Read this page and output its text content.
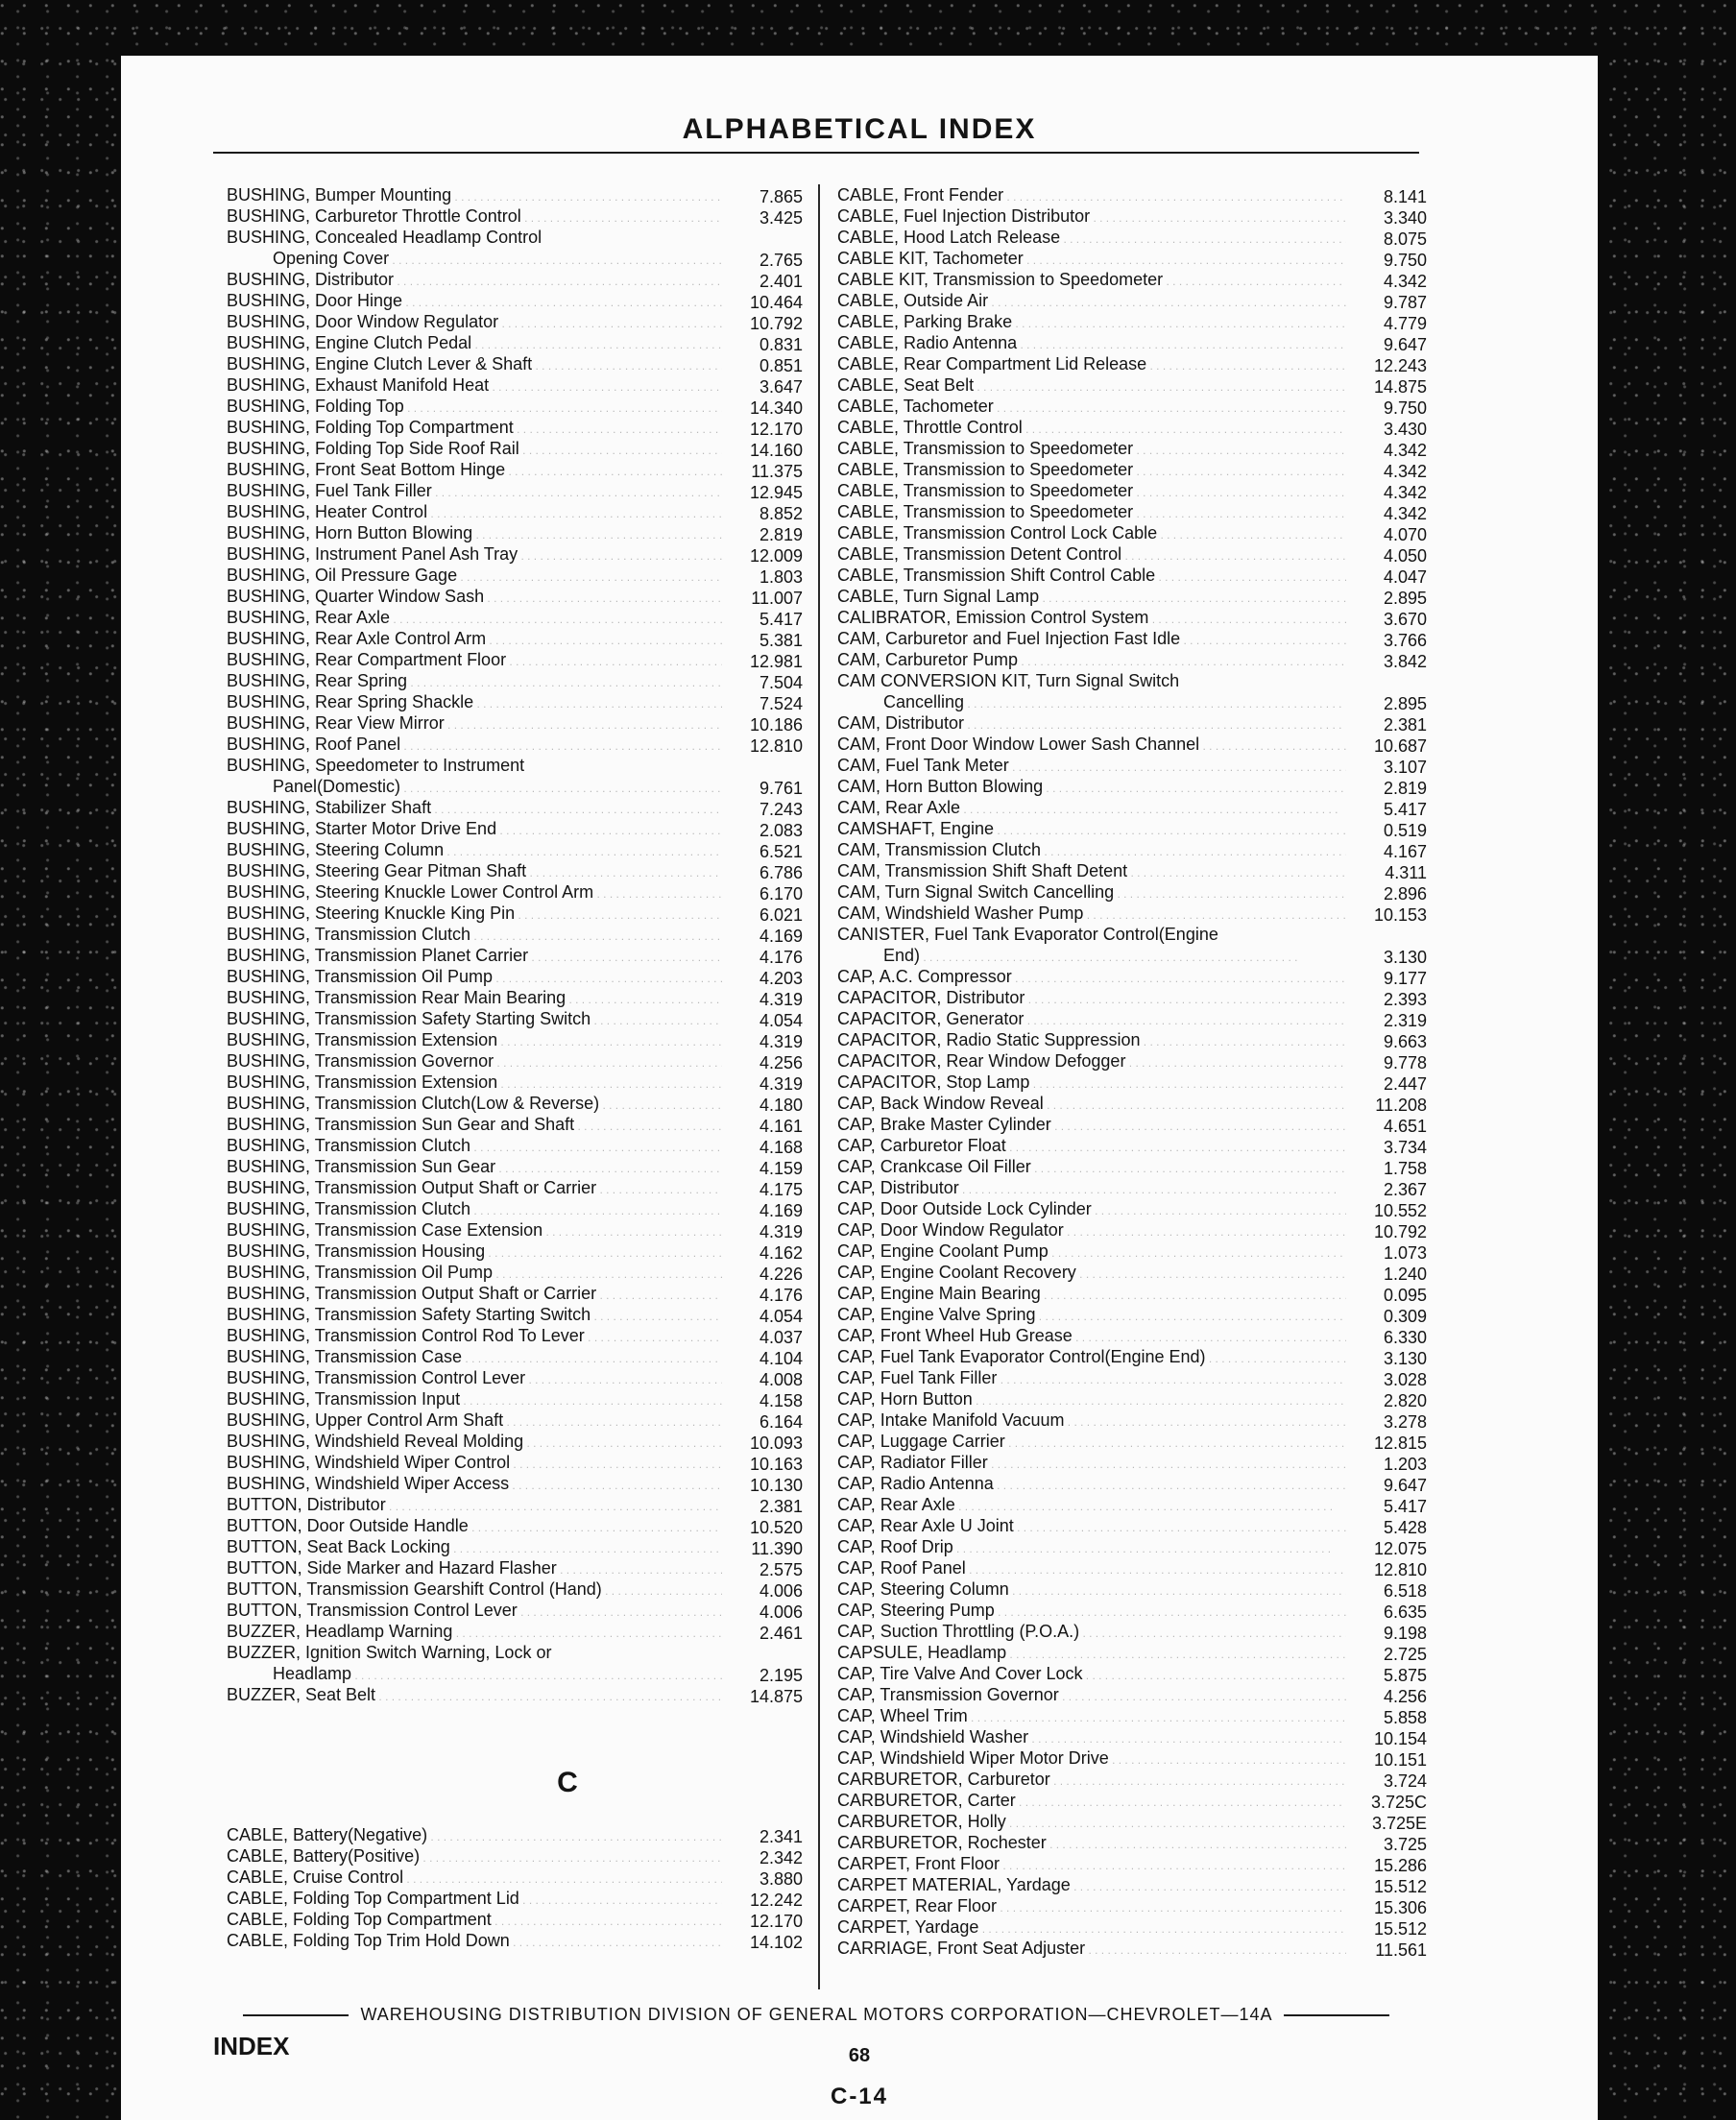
ALPHABETICAL INDEX
BUSHING, Bumper Mounting . . .	7.865
BUSHING, Carburetor Throttle Control . . .	3.425
BUSHING, Concealed Headlamp Control
Opening Cover . . .	2.765
BUSHING, Distributor . . .	2.401
BUSHING, Door Hinge . . .	10.464
BUSHING, Door Window Regulator . . .	10.792
BUSHING, Engine Clutch Pedal . . .	0.831
BUSHING, Engine Clutch Lever & Shaft . . .	0.851
BUSHING, Exhaust Manifold Heat . . .	3.647
BUSHING, Folding Top . . .	14.340
BUSHING, Folding Top Compartment . . .	12.170
BUSHING, Folding Top Side Roof Rail . . .	14.160
BUSHING, Front Seat Bottom Hinge . . .	11.375
BUSHING, Fuel Tank Filler . . .	12.945
BUSHING, Heater Control . . .	8.852
BUSHING, Horn Button Blowing . . .	2.819
BUSHING, Instrument Panel Ash Tray . . .	12.009
BUSHING, Oil Pressure Gage . . .	1.803
BUSHING, Quarter Window Sash . . .	11.007
BUSHING, Rear Axle . . .	5.417
BUSHING, Rear Axle Control Arm . . .	5.381
BUSHING, Rear Compartment Floor . . .	12.981
BUSHING, Rear Spring . . .	7.504
BUSHING, Rear Spring Shackle . . .	7.524
BUSHING, Rear View Mirror . . .	10.186
BUSHING, Roof Panel . . .	12.810
BUSHING, Speedometer to Instrument
Panel(Domestic) . . .	9.761
BUSHING, Stabilizer Shaft . . .	7.243
BUSHING, Starter Motor Drive End . . .	2.083
BUSHING, Steering Column . . .	6.521
BUSHING, Steering Gear Pitman Shaft . . .	6.786
BUSHING, Steering Knuckle Lower Control Arm . . .	6.170
BUSHING, Steering Knuckle King Pin . . .	6.021
BUSHING, Transmission Clutch . . .	4.169
BUSHING, Transmission Planet Carrier . . .	4.176
BUSHING, Transmission Oil Pump . . .	4.203
BUSHING, Transmission Rear Main Bearing . . .	4.319
BUSHING, Transmission Safety Starting Switch . . .	4.054
BUSHING, Transmission Extension . . .	4.319
BUSHING, Transmission Governor . . .	4.256
BUSHING, Transmission Extension . . .	4.319
BUSHING, Transmission Clutch(Low & Reverse) . . .	4.180
BUSHING, Transmission Sun Gear and Shaft . . .	4.161
BUSHING, Transmission Clutch . . .	4.168
BUSHING, Transmission Sun Gear . . .	4.159
BUSHING, Transmission Output Shaft or Carrier . . .	4.175
BUSHING, Transmission Clutch . . .	4.169
BUSHING, Transmission Case Extension . . .	4.319
BUSHING, Transmission Housing . . .	4.162
BUSHING, Transmission Oil Pump . . .	4.226
BUSHING, Transmission Output Shaft or Carrier . . .	4.176
BUSHING, Transmission Safety Starting Switch . . .	4.054
BUSHING, Transmission Control Rod To Lever . . .	4.037
BUSHING, Transmission Case . . .	4.104
BUSHING, Transmission Control Lever . . .	4.008
BUSHING, Transmission Input . . .	4.158
BUSHING, Upper Control Arm Shaft . . .	6.164
BUSHING, Windshield Reveal Molding . . .	10.093
BUSHING, Windshield Wiper Control . . .	10.163
BUSHING, Windshield Wiper Access . . .	10.130
BUTTON, Distributor . . .	2.381
BUTTON, Door Outside Handle . . .	10.520
BUTTON, Seat Back Locking . . .	11.390
BUTTON, Side Marker and Hazard Flasher . . .	2.575
BUTTON, Transmission Gearshift Control (Hand) . . .	4.006
BUTTON, Transmission Control Lever . . .	4.006
BUZZER, Headlamp Warning . . .	2.461
BUZZER, Ignition Switch Warning, Lock or
Headlamp . . .	2.195
BUZZER, Seat Belt . . .	14.875
C
CABLE, Battery(Negative) . . .	2.341
CABLE, Battery(Positive) . . .	2.342
CABLE, Cruise Control . . .	3.880
CABLE, Folding Top Compartment Lid . . .	12.242
CABLE, Folding Top Compartment . . .	12.170
CABLE, Folding Top Trim Hold Down . . .	14.102
CABLE, Front Fender . . .	8.141
CABLE, Fuel Injection Distributor . . .	3.340
CABLE, Hood Latch Release . . .	8.075
CABLE KIT, Tachometer . . .	9.750
CABLE KIT, Transmission to Speedometer . . .	4.342
CABLE, Outside Air . . .	9.787
CABLE, Parking Brake . . .	4.779
CABLE, Radio Antenna . . .	9.647
CABLE, Rear Compartment Lid Release . . .	12.243
CABLE, Seat Belt . . .	14.875
CABLE, Tachometer . . .	9.750
CABLE, Throttle Control . . .	3.430
CABLE, Transmission to Speedometer . . .	4.342
CABLE, Transmission to Speedometer . . .	4.342
CABLE, Transmission to Speedometer . . .	4.342
CABLE, Transmission to Speedometer . . .	4.342
CABLE, Transmission Control Lock Cable . . .	4.070
CABLE, Transmission Detent Control . . .	4.050
CABLE, Transmission Shift Control Cable . . .	4.047
CABLE, Turn Signal Lamp . . .	2.895
CALIBRATOR, Emission Control System . . .	3.670
CAM, Carburetor and Fuel Injection Fast Idle . . .	3.766
CAM, Carburetor Pump . . .	3.842
CAM CONVERSION KIT, Turn Signal Switch
Cancelling . . .	2.895
CAM, Distributor . . .	2.381
CAM, Front Door Window Lower Sash Channel . . .	10.687
CAM, Fuel Tank Meter . . .	3.107
CAM, Horn Button Blowing . . .	2.819
CAM, Rear Axle . . .	5.417
CAMSHAFT, Engine . . .	0.519
CAM, Transmission Clutch . . .	4.167
CAM, Transmission Shift Shaft Detent . . .	4.311
CAM, Turn Signal Switch Cancelling . . .	2.896
CAM, Windshield Washer Pump . . .	10.153
CANISTER, Fuel Tank Evaporator Control(Engine
End) . . .	3.130
CAP, A.C. Compressor . . .	9.177
CAPACITOR, Distributor . . .	2.393
CAPACITOR, Generator . . .	2.319
CAPACITOR, Radio Static Suppression . . .	9.663
CAPACITOR, Rear Window Defogger . . .	9.778
CAPACITOR, Stop Lamp . . .	2.447
CAP, Back Window Reveal . . .	11.208
CAP, Brake Master Cylinder . . .	4.651
CAP, Carburetor Float . . .	3.734
CAP, Crankcase Oil Filler . . .	1.758
CAP, Distributor . . .	2.367
CAP, Door Outside Lock Cylinder . . .	10.552
CAP, Door Window Regulator . . .	10.792
CAP, Engine Coolant Pump . . .	1.073
CAP, Engine Coolant Recovery . . .	1.240
CAP, Engine Main Bearing . . .	0.095
CAP, Engine Valve Spring . . .	0.309
CAP, Front Wheel Hub Grease . . .	6.330
CAP, Fuel Tank Evaporator Control(Engine End) . . .	3.130
CAP, Fuel Tank Filler . . .	3.028
CAP, Horn Button . . .	2.820
CAP, Intake Manifold Vacuum . . .	3.278
CAP, Luggage Carrier . . .	12.815
CAP, Radiator Filler . . .	1.203
CAP, Radio Antenna . . .	9.647
CAP, Rear Axle . . .	5.417
CAP, Rear Axle U Joint . . .	5.428
CAP, Roof Drip . . .	12.075
CAP, Roof Panel . . .	12.810
CAP, Steering Column . . .	6.518
CAP, Steering Pump . . .	6.635
CAP, Suction Throttling (P.O.A.) . . .	9.198
CAPSULE, Headlamp . . .	2.725
CAP, Tire Valve And Cover Lock . . .	5.875
CAP, Transmission Governor . . .	4.256
CAP, Wheel Trim . . .	5.858
CAP, Windshield Washer . . .	10.154
CAP, Windshield Wiper Motor Drive . . .	10.151
CARBURETOR, Carburetor . . .	3.724
CARBURETOR, Carter . . .	3.725C
CARBURETOR, Holly . . .	3.725E
CARBURETOR, Rochester . . .	3.725
CARPET, Front Floor . . .	15.286
CARPET MATERIAL, Yardage . . .	15.512
CARPET, Rear Floor . . .	15.306
CARPET, Yardage . . .	15.512
CARRIAGE, Front Seat Adjuster . . .	11.561
WAREHOUSING DISTRIBUTION DIVISION OF GENERAL MOTORS CORPORATION—CHEVROLET—14A
INDEX	68
C-14
